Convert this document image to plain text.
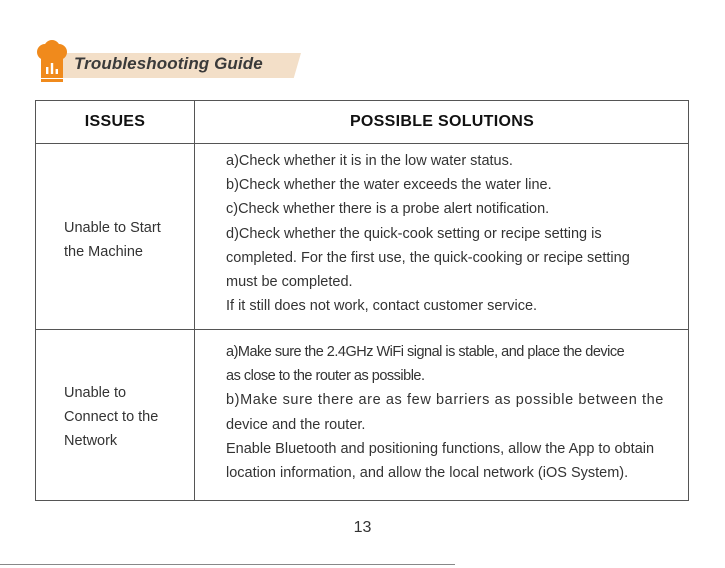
Troubleshooting Guide
ISSUES	POSSIBLE SOLUTIONS
Unable to Start
the Machine
a)Check whether it is in the low water status.
b)Check whether the water exceeds the water line.
c)Check whether there is a probe alert notification.
d)Check whether the quick-cook setting or recipe setting is
completed. For the first use, the quick-cooking or recipe setting
must be completed.
If it still does not work, contact customer service.
Unable to
Connect to the
Network
a)Make sure the 2.4GHz WiFi signal is stable, and place the device
as close to the router as possible.
b)Make sure there are as few barriers as possible between the
device and the router.
Enable Bluetooth and positioning functions, allow the App to obtain
location information, and allow the local network (iOS System).
13
